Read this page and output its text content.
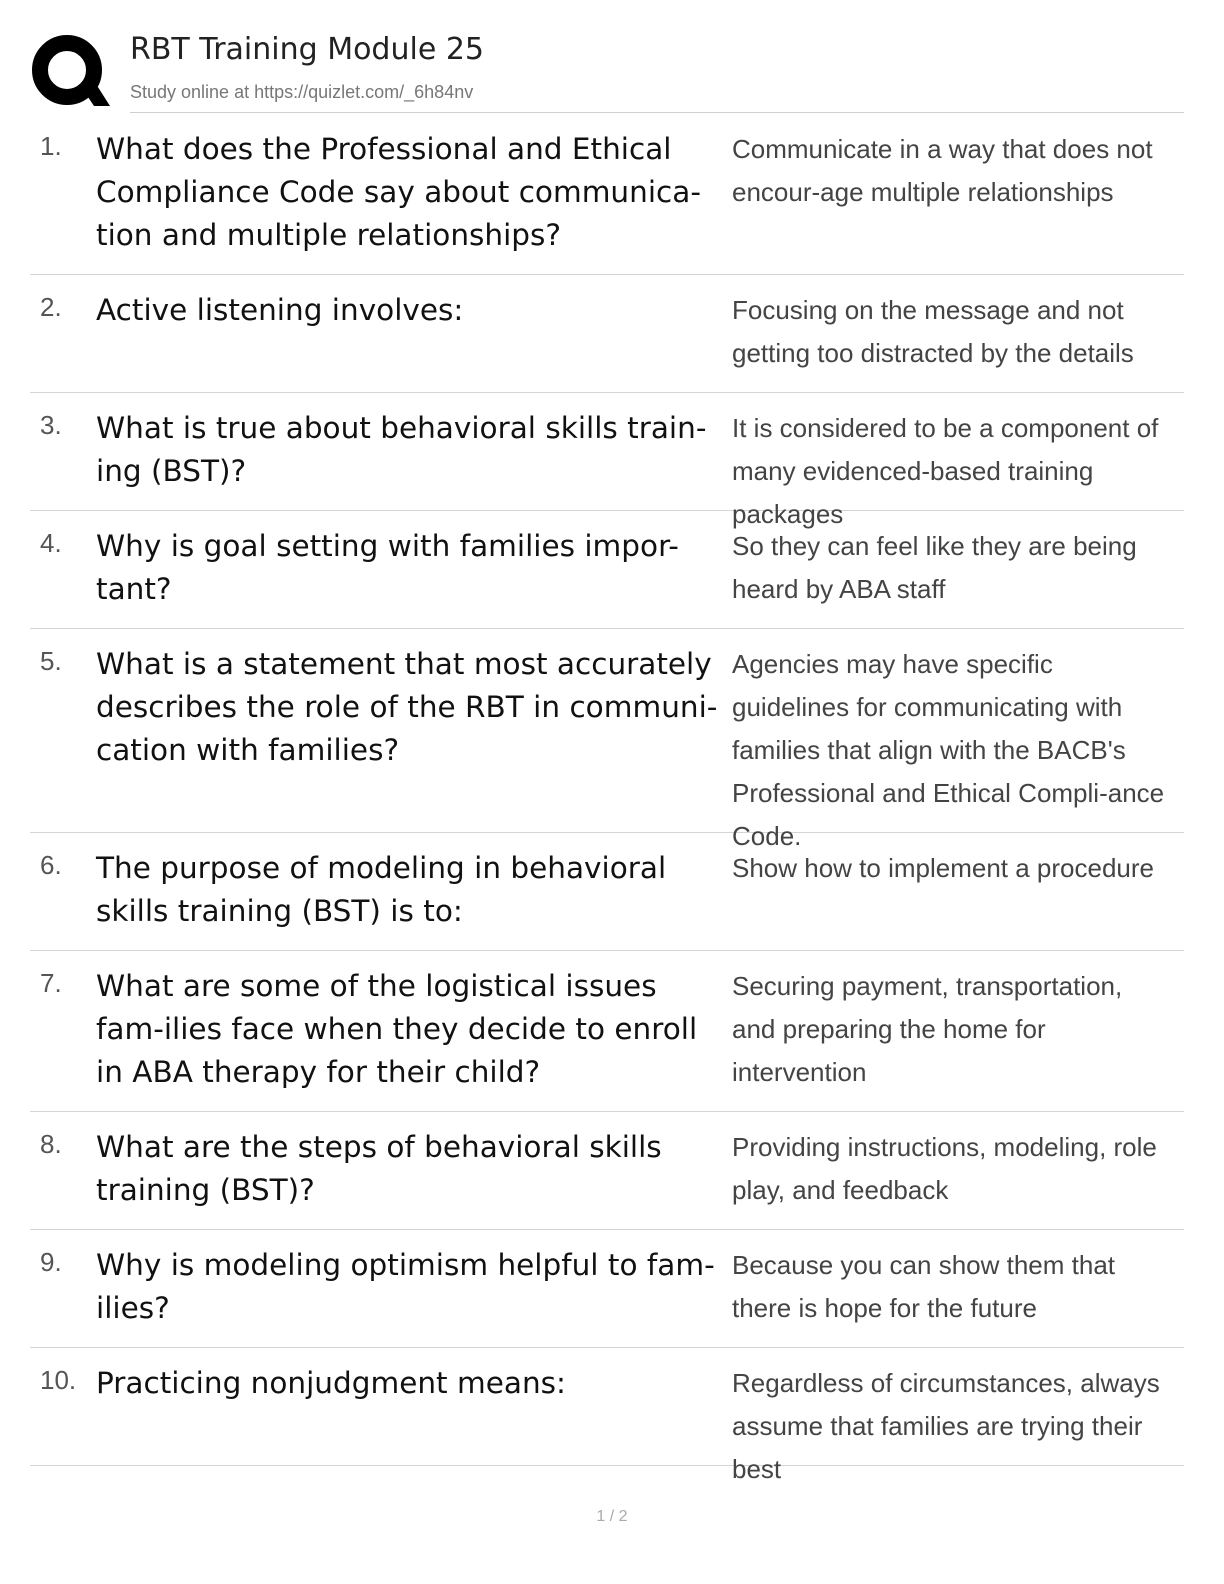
RBT Training Module 25
Study online at https://quizlet.com/_6h84nv
1. What does the Professional and Ethical Compliance Code say about communica-tion and multiple relationships?
Communicate in a way that does not encour-age multiple relationships
2. Active listening involves:	Focusing on the message and not getting too distracted by the details
3. What is true about behavioral skills train-ing (BST)?
It is considered to be a component of many evidenced-based training packages
4. Why is goal setting with families impor-tant?
So they can feel like they are being heard by ABA staff
5. What is a statement that most accurately describes the role of the RBT in communi-cation with families?
Agencies may have specific guidelines for communicating with families that align with the BACB's Professional and Ethical Compli-ance Code.
6. The purpose of modeling in behavioral skills training (BST) is to:
Show how to implement a procedure
7. What are some of the logistical issues fam-ilies face when they decide to enroll in ABA therapy for their child?
Securing payment, transportation, and preparing the home for intervention
8. What are the steps of behavioral skills training (BST)?
Providing instructions, modeling, role play, and feedback
9. Why is modeling optimism helpful to fam-ilies?
Because you can show them that there is hope for the future
10. Practicing nonjudgment means:	Regardless of circumstances, always assume that families are trying their best
1 / 2
